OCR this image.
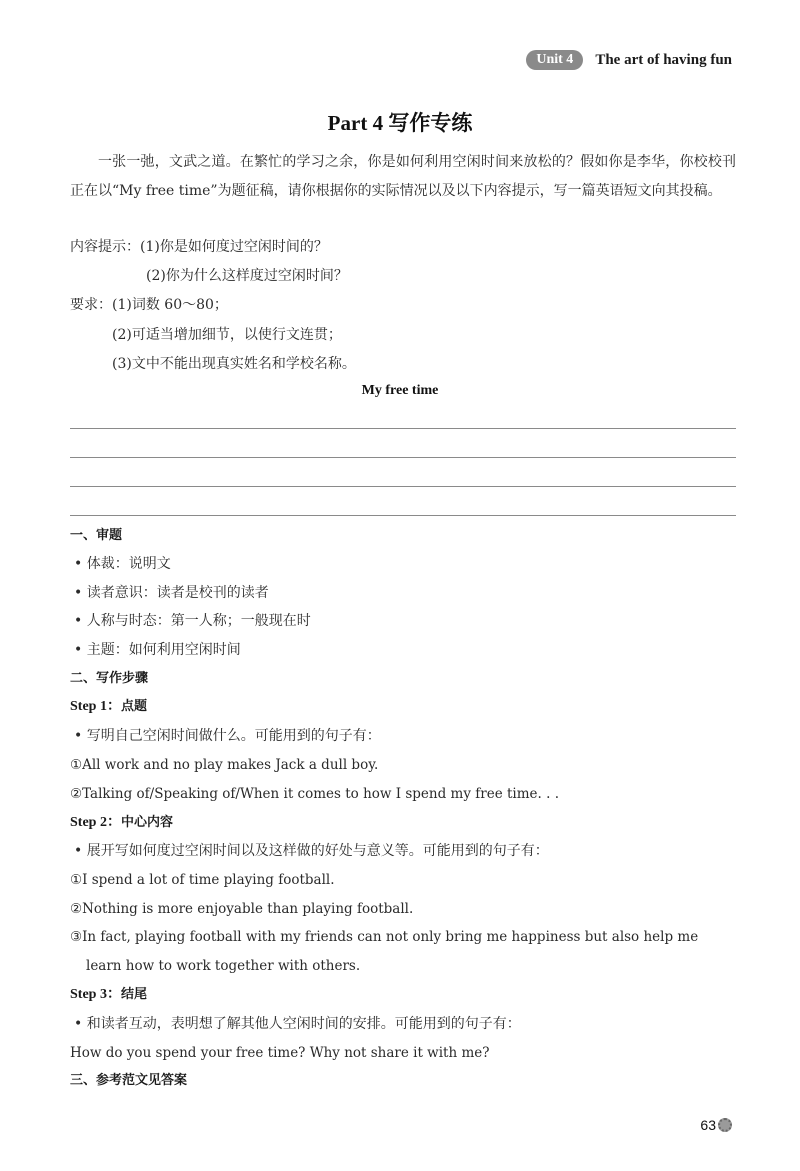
Unit 4	The art of having fun
Part 4 写作专练
一张一弛，文武之道。在繁忙的学习之余，你是如何利用空闲时间来放松的？假如你是李华，你校校刊正在以“My free time”为题征稿，请你根据你的实际情况以及以下内容提示，写一篇英语短文向其投稿。
内容提示：(1)你是如何度过空闲时间的？
(2)你为什么这样度过空闲时间？
要求：(1)词数 60～80；
(2)可适当增加细节，以使行文连贯；
(3)文中不能出现真实姓名和学校名称。
My free time
一、审题
• 体裁：说明文
• 读者意识：读者是校刊的读者
• 人称与时态：第一人称；一般现在时
• 主题：如何利用空闲时间
二、写作步骤
Step 1：点题
• 写明自己空闲时间做什么。可能用到的句子有：
①All work and no play makes Jack a dull boy.
②Talking of/Speaking of/When it comes to how I spend my free time. . .
Step 2：中心内容
• 展开写如何度过空闲时间以及这样做的好处与意义等。可能用到的句子有：
①I spend a lot of time playing football.
②Nothing is more enjoyable than playing football.
③In fact, playing football with my friends can not only bring me happiness but also help me
learn how to work together with others.
Step 3：结尾
• 和读者互动，表明想了解其他人空闲时间的安排。可能用到的句子有：
How do you spend your free time? Why not share it with me?
三、参考范文见答案
63
